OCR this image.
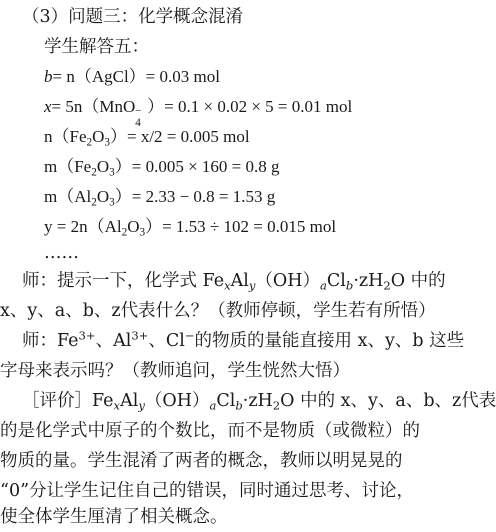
（3）问题三：化学概念混淆
学生解答五：
b= n（AgCl）= 0.03 mol
x= 5n（MnO −
4
）= 0.1 × 0.02 × 5 = 0.01 mol
$n(Fe_2O_3)= x/2 = 0.005$ mol
$m(Fe_2O_3)= 0.005 \times 160 = 0.8$ g
$m(Al_2O_3)= 2.33 - 0.8 = 1.53$ g
$y = 2n(Al_2O_3)= 1.53 \div 102 = 0.015$ mol
……
师：提示一下，化学式 $Fe_xAl_y(OH)_aCl_b\cdot zH_2O$ 中的
x、y、a、b、z代表什么？（教师停顿，学生若有所悟）
师：$Fe^{3+}$、$Al^{3+}$、Cl−的物质的量能直接用 x、y、b 这些
字母来表示吗？（教师追问，学生恍然大悟）
［评价$]Fe_xAl_y(OH)_aCl_b\cdot zH_2O$ 中的 x、y、a、b、z代表
的是化学式中原子的个数比，而不是物质（或微粒）的
物质的量。学生混淆了两者的概念，教师以明晃晃的
“0”分让学生记住自己的错误，同时通过思考、讨论，
使全体学生厘清了相关概念。
